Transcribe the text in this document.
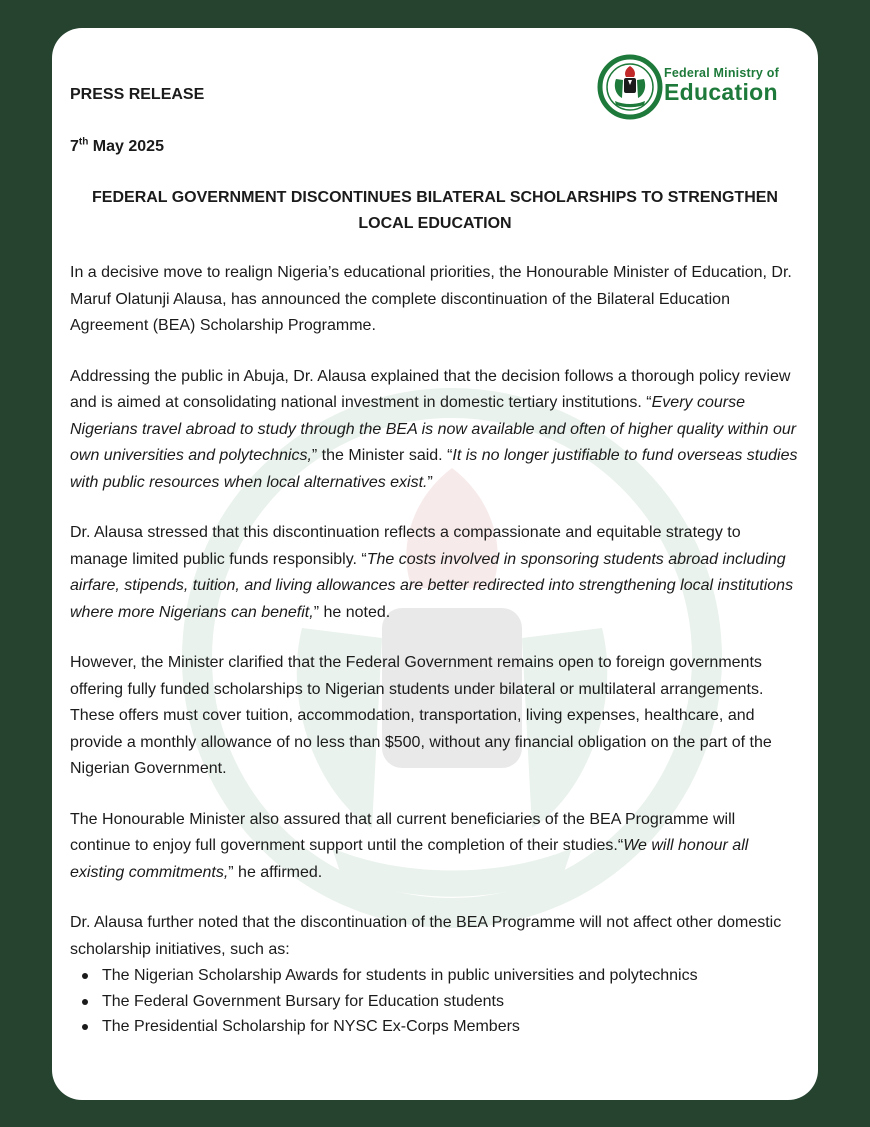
Federal Ministry of
Education
PRESS RELEASE
7th May 2025
FEDERAL GOVERNMENT DISCONTINUES BILATERAL SCHOLARSHIPS TO STRENGTHEN
LOCAL EDUCATION

In a decisive move to realign Nigeria’s educational priorities, the Honourable Minister of Education, Dr. Maruf Olatunji Alausa, has announced the complete discontinuation of the Bilateral Education Agreement (BEA) Scholarship Programme.

Addressing the public in Abuja, Dr. Alausa explained that the decision follows a thorough policy review and is aimed at consolidating national investment in domestic tertiary institutions. “Every course Nigerians travel abroad to study through the BEA is now available and often of higher quality within our own universities and polytechnics,” the Minister said. “It is no longer justifiable to fund overseas studies with public resources when local alternatives exist.”

Dr. Alausa stressed that this discontinuation reflects a compassionate and equitable strategy to manage limited public funds responsibly. “The costs involved in sponsoring students abroad including airfare, stipends, tuition, and living allowances are better redirected into strengthening local institutions where more Nigerians can benefit,” he noted.

However, the Minister clarified that the Federal Government remains open to foreign governments offering fully funded scholarships to Nigerian students under bilateral or multilateral arrangements. These offers must cover tuition, accommodation, transportation, living expenses, healthcare, and provide a monthly allowance of no less than $500, without any financial obligation on the part of the Nigerian Government.

The Honourable Minister also assured that all current beneficiaries of the BEA Programme will continue to enjoy full government support until the completion of their studies.“We will honour all existing commitments,” he affirmed.

Dr. Alausa further noted that the discontinuation of the BEA Programme will not affect other domestic scholarship initiatives, such as:

The Nigerian Scholarship Awards for students in public universities and polytechnics
The Federal Government Bursary for Education students
The Presidential Scholarship for NYSC Ex-Corps Members
